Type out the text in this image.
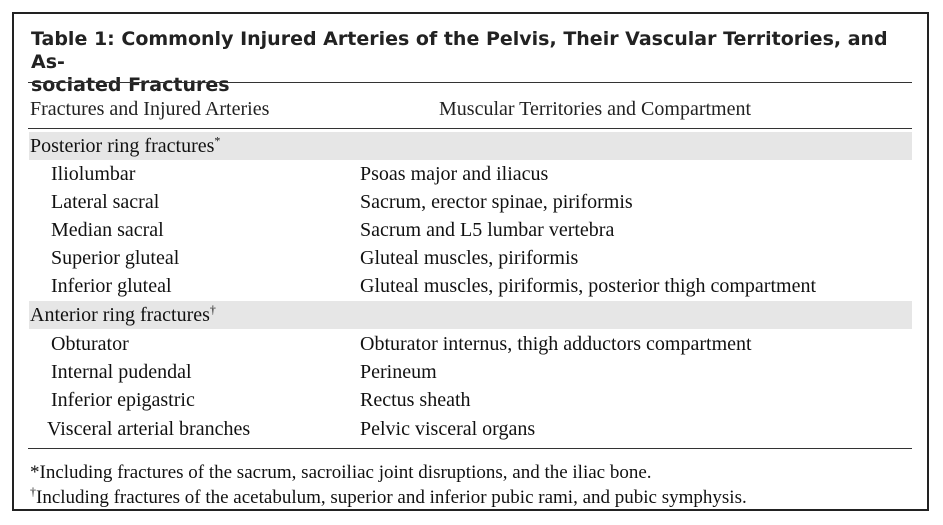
Table 1: Commonly Injured Arteries of the Pelvis, Their Vascular Territories, and As-
sociated Fractures
Fractures and Injured Arteries	Muscular Territories and Compartment
Posterior ring fractures*
Iliolumbar	Psoas major and iliacus
Lateral sacral	Sacrum, erector spinae, piriformis
Median sacral	Sacrum and L5 lumbar vertebra
Superior gluteal	Gluteal muscles, piriformis
Inferior gluteal	Gluteal muscles, piriformis, posterior thigh compartment
Anterior ring fractures†
Obturator	Obturator internus, thigh adductors compartment
Internal pudendal	Perineum
Inferior epigastric	Rectus sheath
Visceral arterial branches	Pelvic visceral organs
*Including fractures of the sacrum, sacroiliac joint disruptions, and the iliac bone.
†Including fractures of the acetabulum, superior and inferior pubic rami, and pubic symphysis.
